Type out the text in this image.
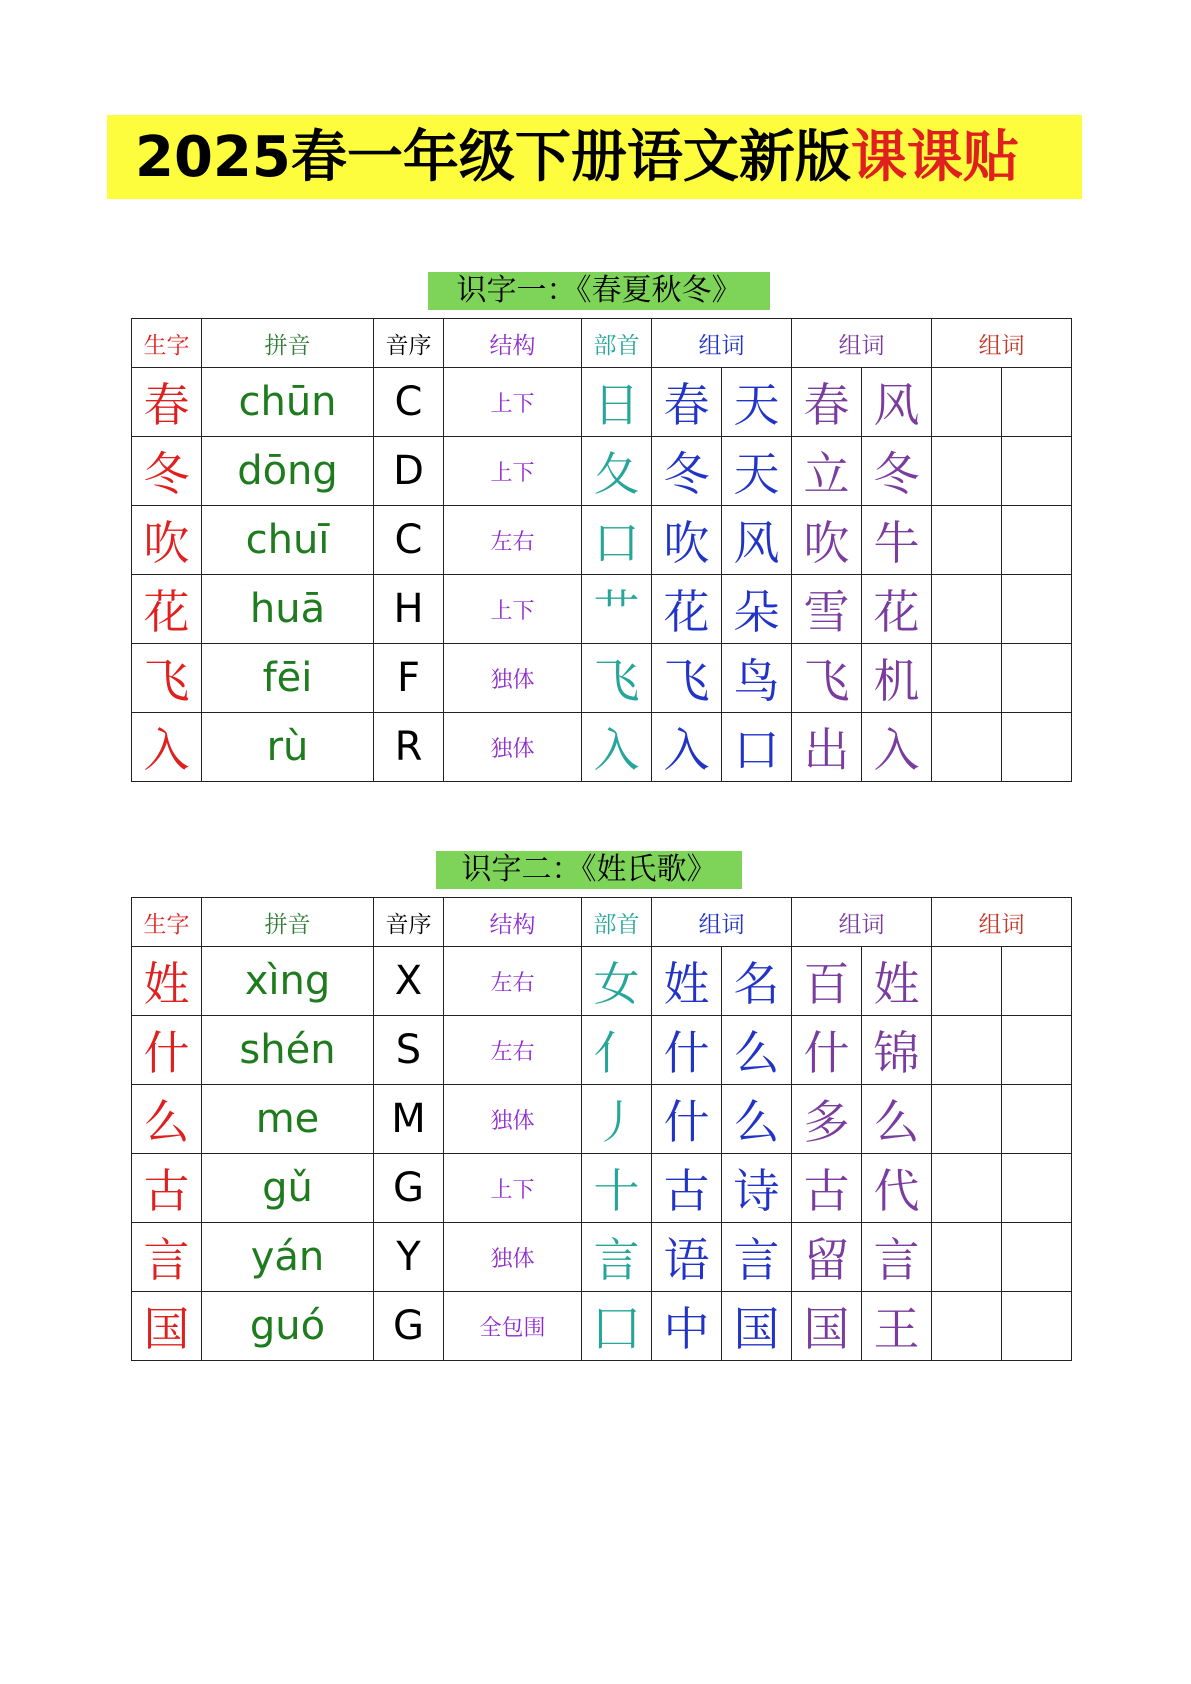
2025春一年级下册语文新版课课贴
识字一：《春夏秋冬》
生字	拼音	音序	结构	部首	组词		组词		组词	
春	chūn	C	上下	日	春	天	春	风		
冬	dōng	D	上下	夂	冬	天	立	冬		
吹	chuī	C	左右	口	吹	风	吹	牛		
花	huā	H	上下	艹	花	朵	雪	花		
飞	fēi	F	独体	飞	飞	鸟	飞	机		
入	rù	R	独体	入	入	口	出	入		
识字二：《姓氏歌》
生字	拼音	音序	结构	部首	组词		组词		组词	
姓	xìng	X	左右	女	姓	名	百	姓		
什	shén	S	左右	亻	什	么	什	锦		
么	me	M	独体	丿	什	么	多	么		
古	gǔ	G	上下	十	古	诗	古	代		
言	yán	Y	独体	言	语	言	留	言		
国	guó	G	全包围	囗	中	国	国	王		
